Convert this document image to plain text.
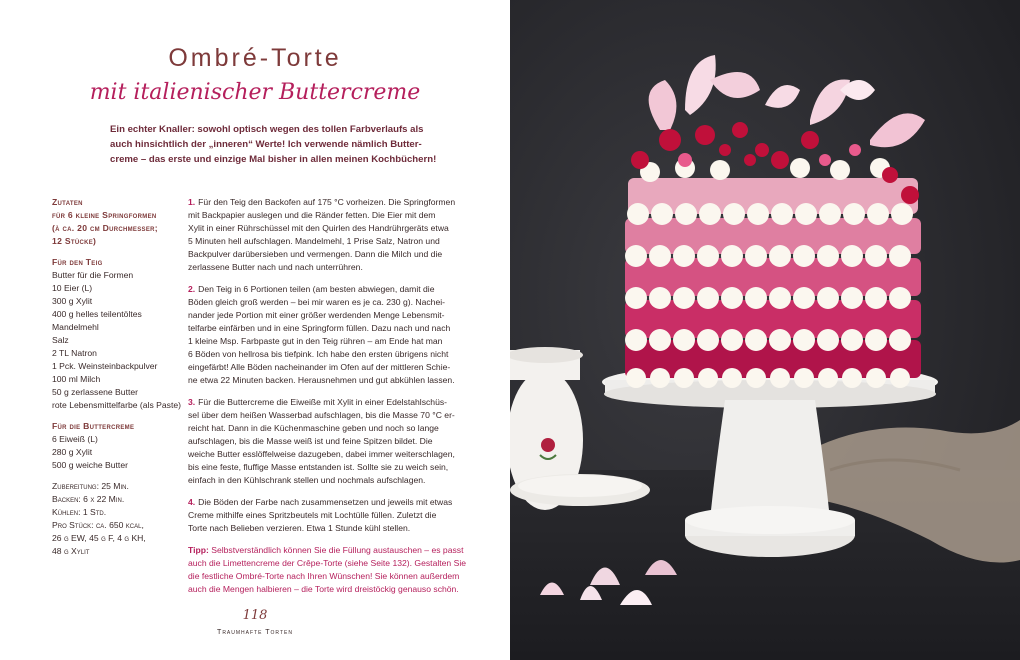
Ombré-Torte
mit italienischer Buttercreme

Ein echter Knaller: sowohl optisch wegen des tollen Farbverlaufs als
auch hinsichtlich der „inneren“ Werte! Ich verwende nämlich Butter-
creme – das erste und einzige Mal bisher in allen meinen Kochbüchern!

Zutaten
für 6 kleine Springformen
(à ca. 20 cm Durchmesser;
12 Stücke)
Für den Teig
Butter für die Formen
10 Eier (L)
300 g Xylit
400 g helles teilentöltes
Mandelmehl
Salz
2 TL Natron
1 Pck. Weinsteinbackpulver
100 ml Milch
50 g zerlassene Butter
rote Lebensmittelfarbe (als Paste)
Für die Buttercreme
6 Eiweiß (L)
280 g Xylit
500 g weiche Butter
Zubereitung: 25 Min.
Backen: 6 x 22 Min.
Kühlen: 1 Std.
Pro Stück: ca. 650 kcal,
26 g EW, 45 g F, 4 g KH,
48 g Xylit
1. Für den Teig den Backofen auf 175 °C vorheizen. Die Springformen
mit Backpapier auslegen und die Ränder fetten. Die Eier mit dem
Xylit in einer Rührschüssel mit den Quirlen des Handrührgeräts etwa
5 Minuten hell aufschlagen. Mandelmehl, 1 Prise Salz, Natron und
Backpulver darübersieben und vermengen. Dann die Milch und die
zerlassene Butter nach und nach unterrühren.
2. Den Teig in 6 Portionen teilen (am besten abwiegen, damit die
Böden gleich groß werden – bei mir waren es je ca. 230 g). Nachei-
nander jede Portion mit einer größer werdenden Menge Lebensmit-
telfarbe einfärben und in eine Springform füllen. Dazu nach und nach
1 kleine Msp. Farbpaste gut in den Teig rühren – am Ende hat man
6 Böden von hellrosa bis tiefpink. Ich habe den ersten übrigens nicht
eingefärbt! Alle Böden nacheinander im Ofen auf der mittleren Schie-
ne etwa 22 Minuten backen. Herausnehmen und gut abkühlen lassen.
3. Für die Buttercreme die Eiweiße mit Xylit in einer Edelstahlschüs-
sel über dem heißen Wasserbad aufschlagen, bis die Masse 70 °C er-
reicht hat. Dann in die Küchenmaschine geben und noch so lange
aufschlagen, bis die Masse weiß ist und feine Spitzen bildet. Die
weiche Butter esslöffelweise dazugeben, dabei immer weiterschlagen,
bis eine feste, fluffige Masse entstanden ist. Sollte sie zu weich sein,
einfach in den Kühlschrank stellen und nochmals aufschlagen.
4. Die Böden der Farbe nach zusammensetzen und jeweils mit etwas
Creme mithilfe eines Spritzbeutels mit Lochtülle füllen. Zuletzt die
Torte nach Belieben verzieren. Etwa 1 Stunde kühl stellen.
Tipp: Selbstverständlich können Sie die Füllung austauschen – es passt
auch die Limettencreme der Crêpe-Torte (siehe Seite 132). Gestalten Sie
die festliche Ombré-Torte nach Ihren Wünschen! Sie können außerdem
auch die Mengen halbieren – die Torte wird dreistöckig genauso schön.
118
Traumhafte Torten
